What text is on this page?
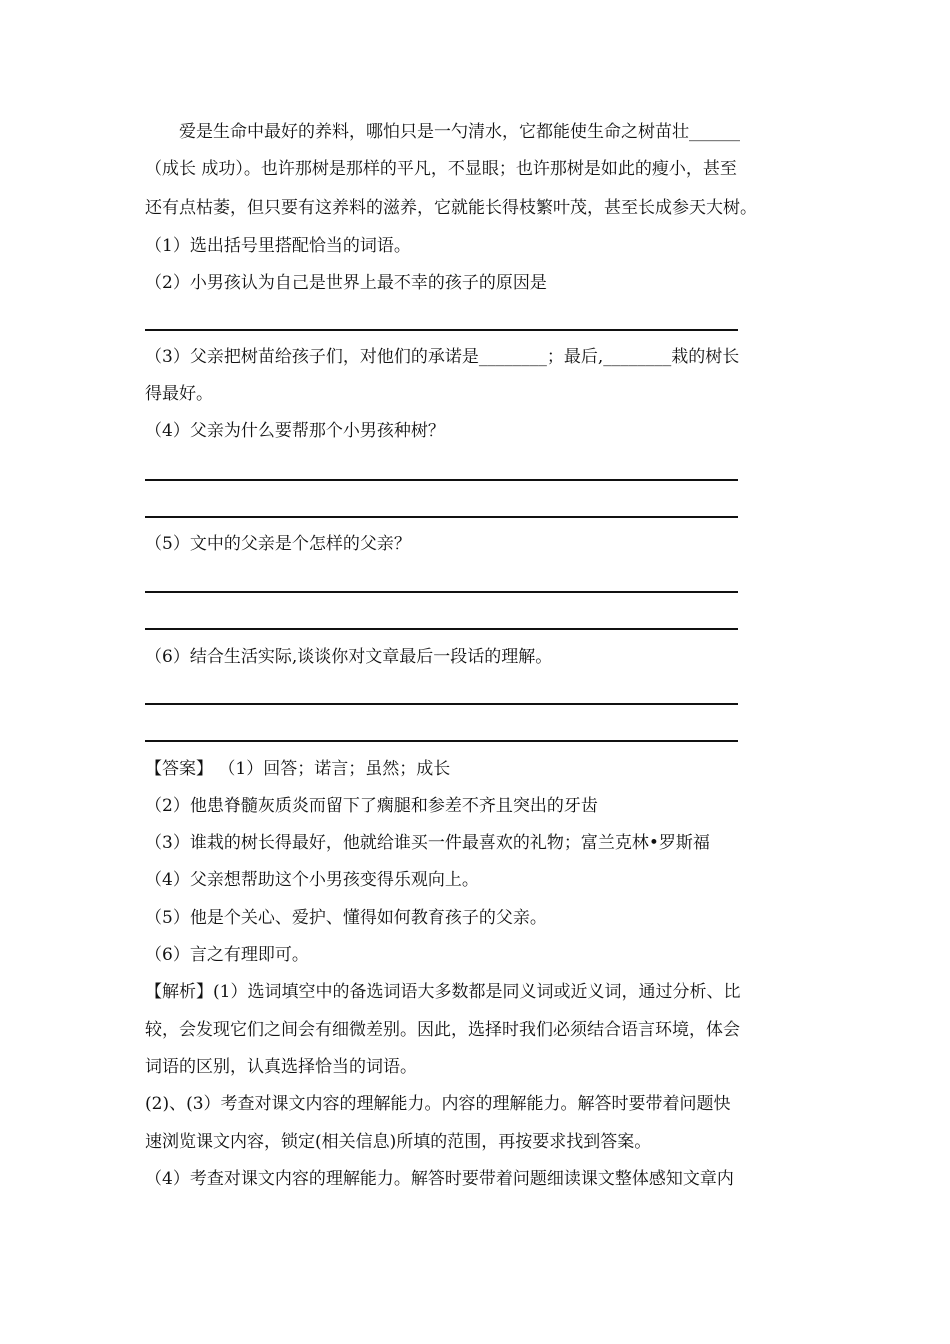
　　爱是生命中最好的养料，哪怕只是一勺清水，它都能使生命之树苗壮______
（成长 成功）。也许那树是那样的平凡，不显眼；也许那树是如此的瘦小，甚至
还有点枯萎，但只要有这养料的滋养，它就能长得枝繁叶茂，甚至长成参天大树。
（1）选出括号里搭配恰当的词语。
（2）小男孩认为自己是世界上最不幸的孩子的原因是
（3）父亲把树苗给孩子们，对他们的承诺是________；最后,________栽的树长
得最好。
（4）父亲为什么要帮那个小男孩种树？
（5）文中的父亲是个怎样的父亲？
（6）结合生活实际,谈谈你对文章最后一段话的理解。
【答案】 （1）回答；诺言；虽然；成长
（2）他患脊髓灰质炎而留下了瘸腿和参差不齐且突出的牙齿
（3）谁栽的树长得最好，他就给谁买一件最喜欢的礼物；富兰克林•罗斯福
（4）父亲想帮助这个小男孩变得乐观向上。
（5）他是个关心、爱护、懂得如何教育孩子的父亲。
（6）言之有理即可。
【解析】(1）选词填空中的备选词语大多数都是同义词或近义词，通过分析、比
较，会发现它们之间会有细微差别。因此，选择时我们必须结合语言环境，体会
词语的区别，认真选择恰当的词语。
(2)、(3）考查对课文内容的理解能力。内容的理解能力。解答时要带着问题快
速浏览课文内容，锁定(相关信息)所填的范围，再按要求找到答案。
（4）考查对课文内容的理解能力。解答时要带着问题细读课文整体感知文章内
